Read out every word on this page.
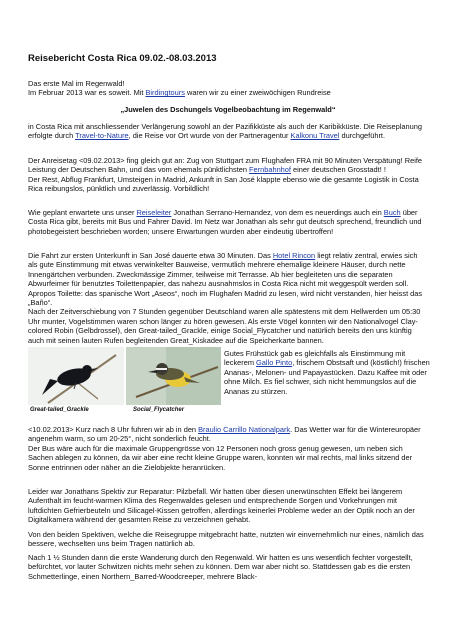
Reisebericht Costa Rica 09.02.-08.03.2013

Das erste Mal im Regenwald!

Im Februar 2013 war es soweit. Mit Birdingtours waren wir zu einer zweiwöchigen Rundreise

„Juwelen des Dschungels Vogelbeobachtung im Regenwald“
in Costa Rica mit anschliessender Verlängerung sowohl an der Pazifikküste als auch der Karibikküste. Die Reiseplanung erfolgte durch Travel-to-Nature, die Reise vor Ort wurde von der Partneragentur Kalkonu Travel durchgeführt.

Der Anreisetag <09.02.2013> fing gleich gut an: Zug von Stuttgart zum Flughafen FRA mit 90 Minuten Verspätung! Reife Leistung der Deutschen Bahn, und das vom ehemals pünktlichsten Fernbahnhof einer deutschen Grosstadt! !

Der Rest, Abflug Frankfurt, Umsteigen in Madrid, Ankunft in San José klappte ebenso wie die gesamte Logistik in Costa Rica reibungslos, pünktlich und zuverlässig. Vorbildlich!

Wie geplant erwartete uns unser Reiseleiter Jonathan Serrano-Hernandez, von dem es neuerdings auch ein Buch über Costa Rica gibt, bereits mit Bus und Fahrer David. Im Netz war Jonathan als sehr gut deutsch sprechend, freundlich und photobegeistert beschrieben worden; unsere Erwartungen wurden aber eindeutig übertroffen!

Die Fahrt zur ersten Unterkunft in San José dauerte etwa 30 Minuten. Das Hotel Rincon liegt relativ zentral, erwies sich als gute Einstimmung mit etwas verwinkelter Bauweise, vermutlich mehrere ehemalige kleinere Häuser, durch nette Innengärtchen verbunden. Zweckmässige Zimmer, teilweise mit Terrasse. Ab hier begleiteten uns die separaten Abwurfeimer für benutztes Toilettenpapier, das nahezu ausnahmslos in Costa Rica nicht mit weggespült werden soll. Apropos Toilette: das spanische Wort „Aseos“, noch im Flughafen Madrid zu lesen, wird nicht verstanden, hier heisst das „Baño“.

Nach der Zeitverschiebung von 7 Stunden gegenüber Deutschland waren alle spätestens mit dem Hellwerden um 05:30 Uhr munter, Vogelstimmen waren schon länger zu hören gewesen. Als erste Vögel konnten wir den Nationalvogel Clay-colored Robin (Gelbdrossel), den Great-tailed_Grackle, einige Social_Flycatcher und natürlich bereits den uns künftig auch mit seinen lauten Rufen begleitenden Great_Kiskadee auf die Speicherkarte bannen.

Great-tailed_Grackle	Social_Flycatcher
Gutes Frühstück gab es gleichfalls als Einstimmung mit leckerem Gallo Pinto, frischem Obstsaft und (köstlich!) frischen Ananas-, Melonen- und Papayastücken. Dazu Kaffee mit oder ohne Milch. Es fiel schwer, sich nicht hemmungslos auf die Ananas zu stürzen.

<10.02.2013> Kurz nach 8 Uhr fuhren wir ab in den Braulio Carrillo Nationalpark. Das Wetter war für die Wintereuropäer angenehm warm, so um 20-25°, nicht sonderlich feucht.

Der Bus wäre auch für die maximale Gruppengrösse von 12 Personen noch gross genug gewesen, um neben sich Sachen ablegen zu können, da wir aber eine recht kleine Gruppe waren, konnten wir mal rechts, mal links sitzend der Sonne entrinnen oder näher an die Zielobjekte heranrücken.

Leider war Jonathans Spektiv zur Reparatur: Pilzbefall. Wir hatten über diesen unerwünschten Effekt bei längerem Aufenthalt im feucht-warmen Klima des Regenwaldes gelesen und entsprechende Sorgen und Vorkehrungen mit luftdichten Gefrierbeuteln und Silicagel-Kissen getroffen, allerdings keinerlei Probleme weder an der Optik noch an der Digitalkamera während der gesamten Reise zu verzeichnen gehabt.
Von den beiden Spektiven, welche die Reisegruppe mitgebracht hatte, nutzten wir einvernehmlich nur eines, nämlich das bessere, wechselten uns beim Tragen natürlich ab.
Nach 1 ½ Stunden dann die erste Wanderung durch den Regenwald. Wir hatten es uns wesentlich fechter vorgestellt, befürchtet, vor lauter Schwitzen nichts mehr sehen zu können. Dem war aber nicht so. Stattdessen gab es die ersten Schmetterlinge, einen Northern_Barred-Woodcreeper, mehrere Black-
